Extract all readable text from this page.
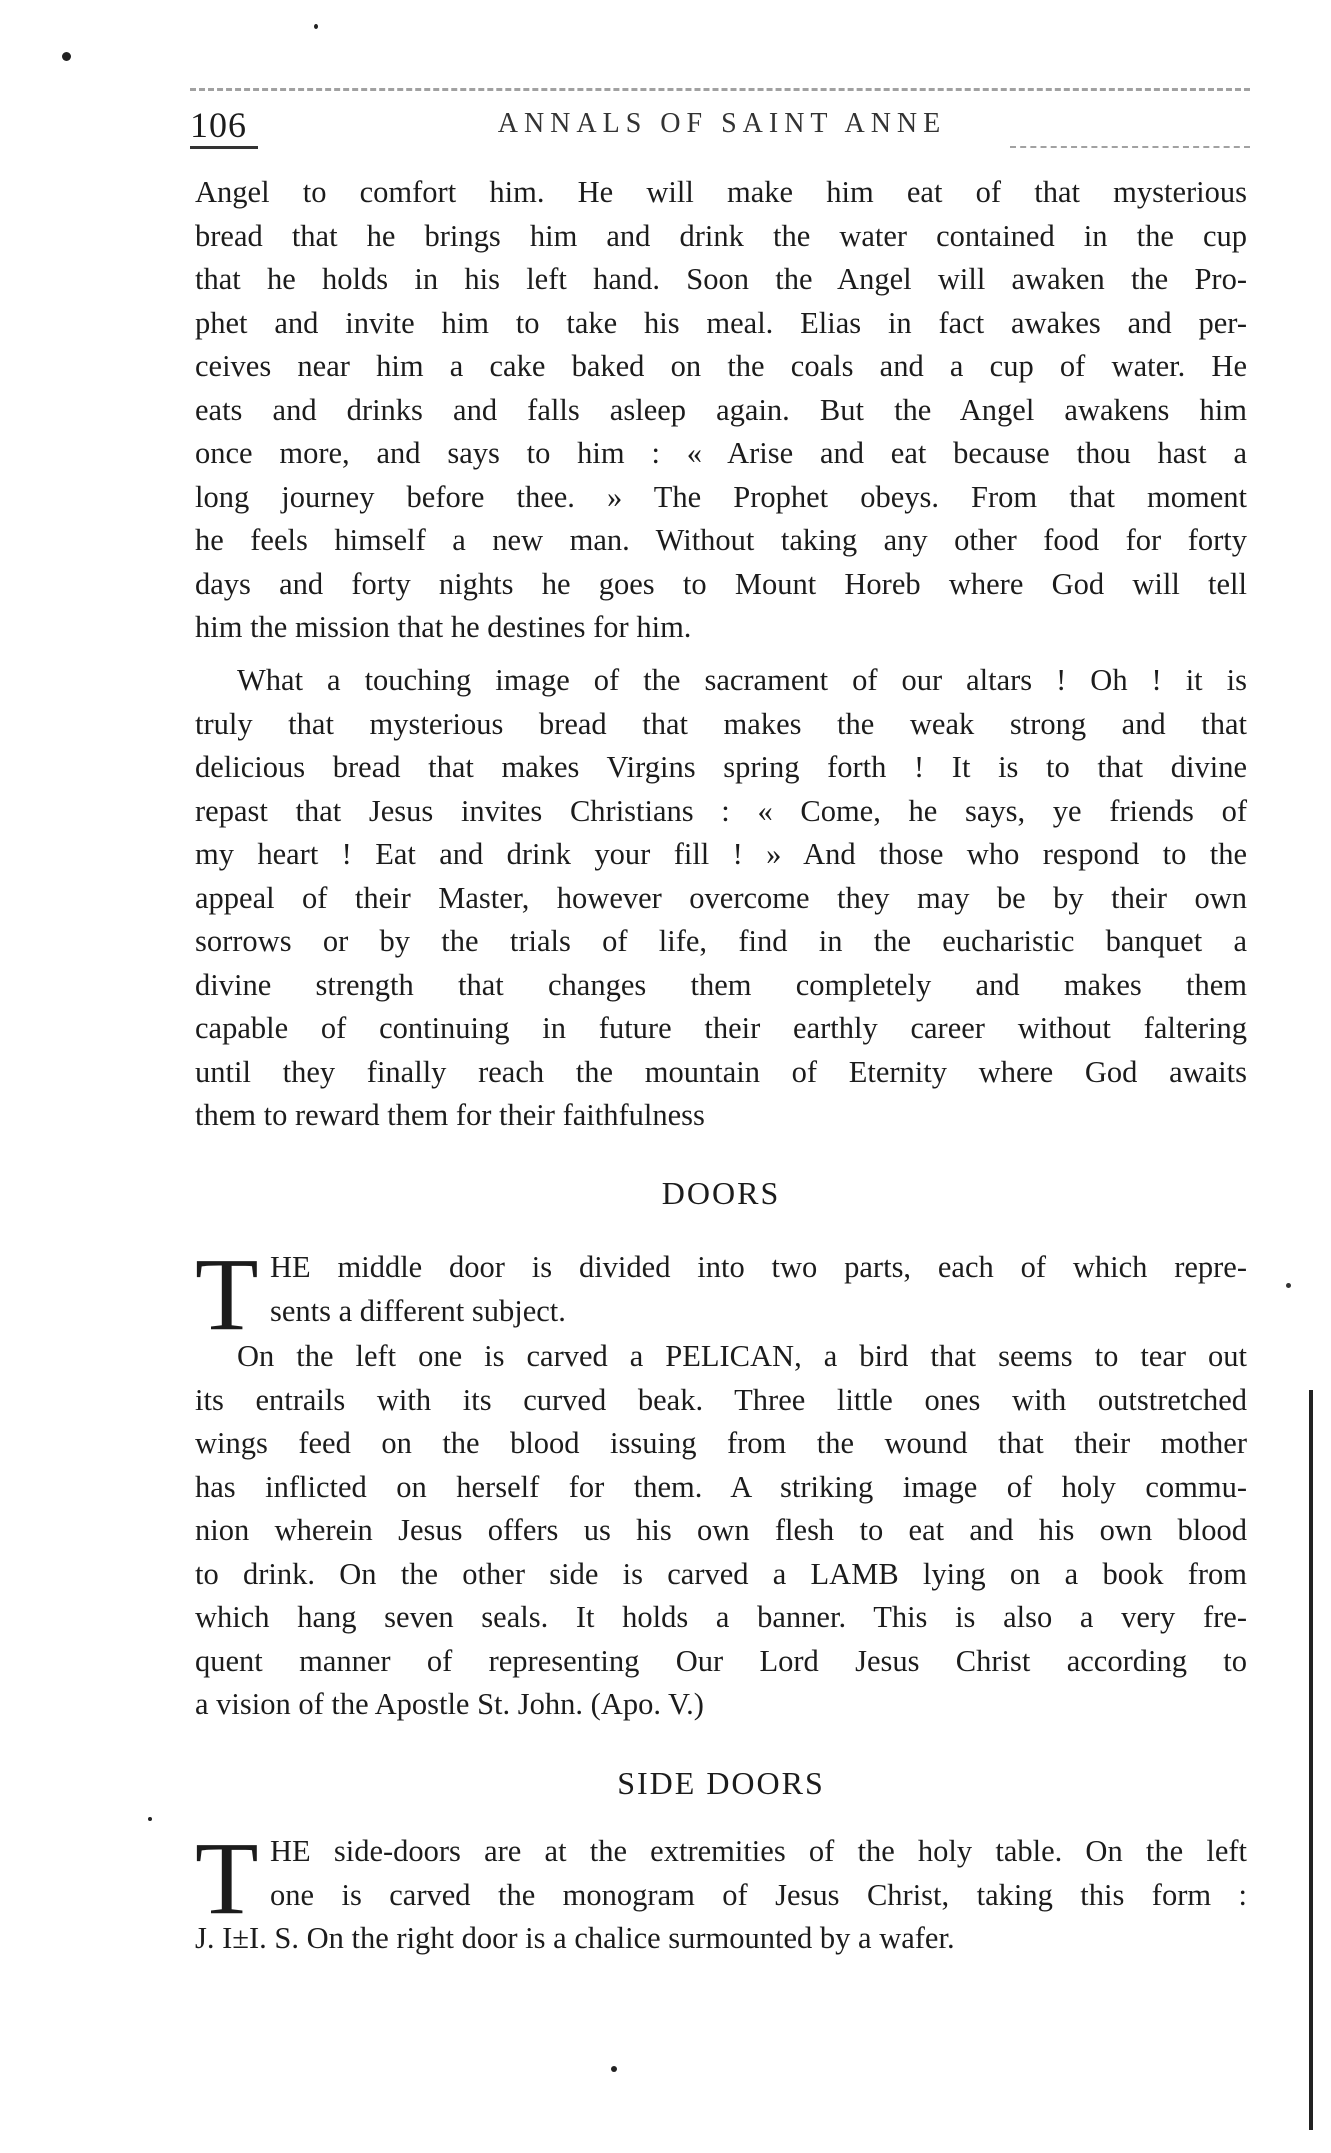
106	ANNALS OF SAINT ANNE
Angel to comfort him. He will make him eat of that mysterious
bread that he brings him and drink the water contained in the cup
that he holds in his left hand. Soon the Angel will awaken the Pro-
phet and invite him to take his meal. Elias in fact awakes and per-
ceives near him a cake baked on the coals and a cup of water. He
eats and drinks and falls asleep again. But the Angel awakens him
once more, and says to him : « Arise and eat because thou hast a
long journey before thee. » The Prophet obeys. From that moment
he feels himself a new man. Without taking any other food for forty
days and forty nights he goes to Mount Horeb where God will tell
him the mission that he destines for him.
What a touching image of the sacrament of our altars ! Oh ! it is
truly that mysterious bread that makes the weak strong and that
delicious bread that makes Virgins spring forth ! It is to that divine
repast that Jesus invites Christians : « Come, he says, ye friends of
my heart ! Eat and drink your fill ! » And those who respond to the
appeal of their Master, however overcome they may be by their own
sorrows or by the trials of life, find in the eucharistic banquet a
divine strength that changes them completely and makes them
capable of continuing in future their earthly career without faltering
until they finally reach the mountain of Eternity where God awaits
them to reward them for their faithfulness
DOORS
T HE middle door is divided into two parts, each of which repre-
sents a different subject.
On the left one is carved a PELICAN, a bird that seems to tear out
its entrails with its curved beak. Three little ones with outstretched
wings feed on the blood issuing from the wound that their mother
has inflicted on herself for them. A striking image of holy commu-
nion wherein Jesus offers us his own flesh to eat and his own blood
to drink. On the other side is carved a LAMB lying on a book from
which hang seven seals. It holds a banner. This is also a very fre-
quent manner of representing Our Lord Jesus Christ according to
a vision of the Apostle St. John. (Apo. V.)
SIDE DOORS
T HE side-doors are at the extremities of the holy table. On the left
one is carved the monogram of Jesus Christ, taking this form :
J. I±I. S. On the right door is a chalice surmounted by a wafer.
